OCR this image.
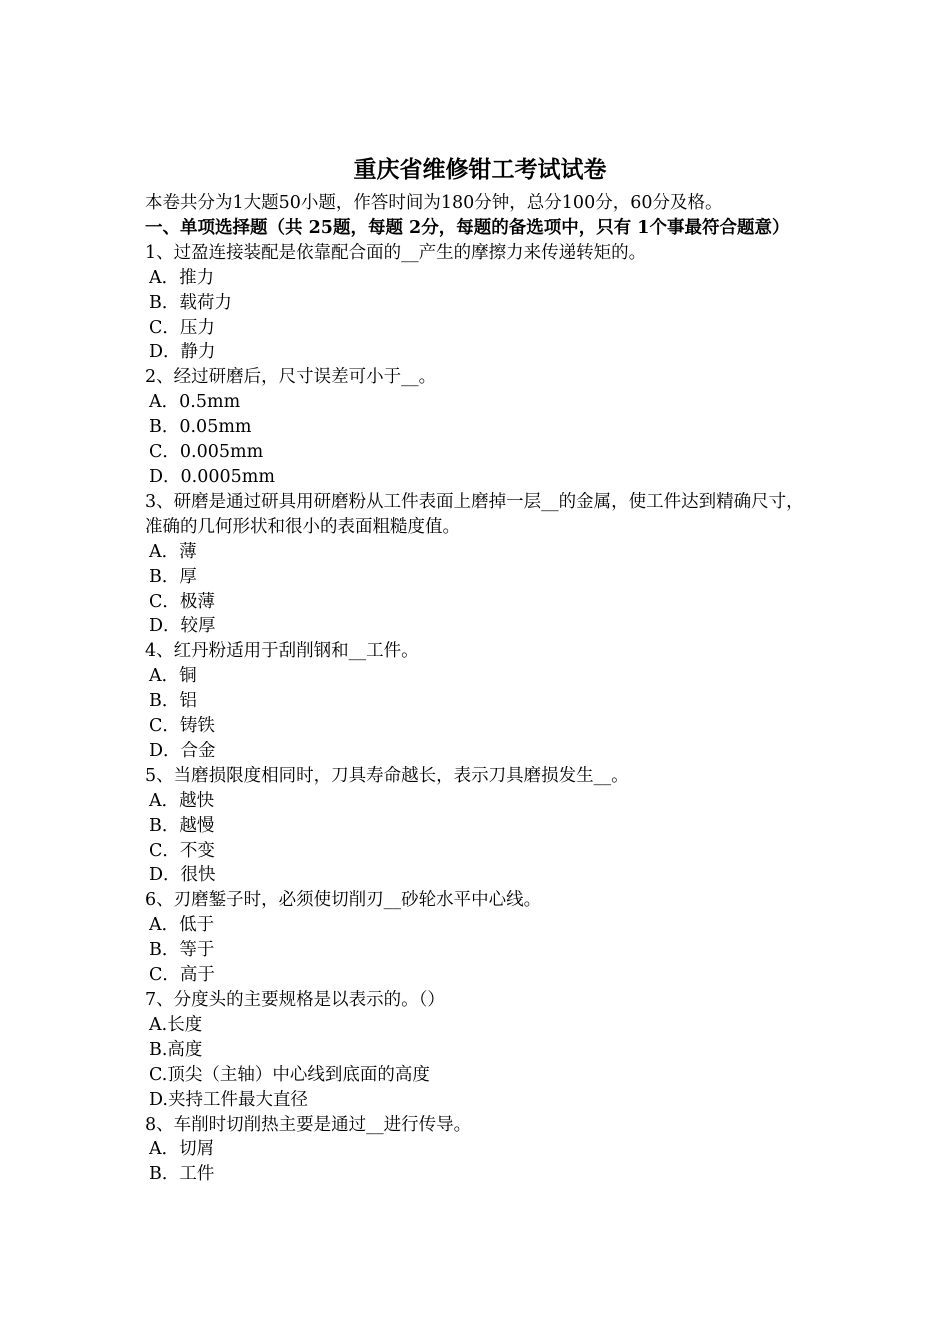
重庆省维修钳工考试试卷
本卷共分为1大题50小题，作答时间为180分钟，总分100分，60分及格。
一、单项选择题（共 25题，每题 2分，每题的备选项中，只有 1个事最符合题意）
1、过盈连接装配是依靠配合面的__产生的摩擦力来传递转矩的。
A．推力
B．载荷力
C．压力
D．静力
2、经过研磨后，尺寸误差可小于__。
A．0.5mm
B．0.05mm
C．0.005mm
D．0.0005mm
3、研磨是通过研具用研磨粉从工件表面上磨掉一层__的金属，使工件达到精确尺寸，准确的几何形状和很小的表面粗糙度值。
A．薄
B．厚
C．极薄
D．较厚
4、红丹粉适用于刮削钢和__工件。
A．铜
B．铝
C．铸铁
D．合金
5、当磨损限度相同时，刀具寿命越长，表示刀具磨损发生__。
A．越快
B．越慢
C．不变
D．很快
6、刃磨錾子时，必须使切削刃__砂轮水平中心线。
A．低于
B．等于
C．高于
7、分度头的主要规格是以表示的。（）
A.长度
B.高度
C.顶尖（主轴）中心线到底面的高度
D.夹持工件最大直径
8、车削时切削热主要是通过__进行传导。
A．切屑
B．工件
